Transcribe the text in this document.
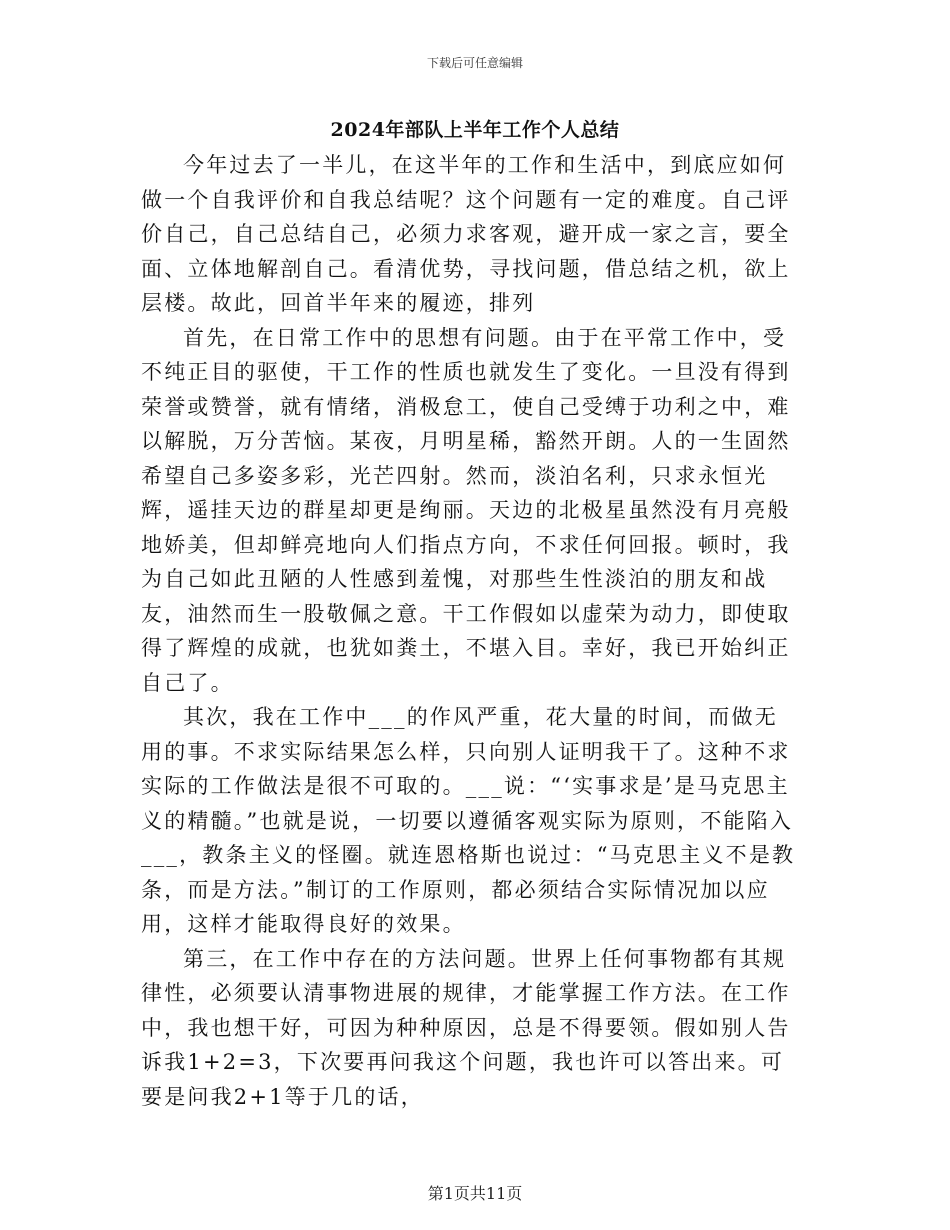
下载后可任意编辑
2024年部队上半年工作个人总结

今年过去了一半儿，在这半年的工作和生活中，到底应如何做一个自我评价和自我总结呢？这个问题有一定的难度。自己评价自己，自己总结自己，必须力求客观，避开成一家之言，要全面、立体地解剖自己。看清优势，寻找问题，借总结之机，欲上层楼。故此，回首半年来的履迹，排列

首先，在日常工作中的思想有问题。由于在平常工作中，受不纯正目的驱使，干工作的性质也就发生了变化。一旦没有得到荣誉或赞誉，就有情绪，消极怠工，使自己受缚于功利之中，难以解脱，万分苦恼。某夜，月明星稀，豁然开朗。人的一生固然希望自己多姿多彩，光芒四射。然而，淡泊名利，只求永恒光辉，遥挂天边的群星却更是绚丽。天边的北极星虽然没有月亮般地娇美，但却鲜亮地向人们指点方向，不求任何回报。顿时，我为自己如此丑陋的人性感到羞愧，对那些生性淡泊的朋友和战友，油然而生一股敬佩之意。干工作假如以虚荣为动力，即使取得了辉煌的成就，也犹如粪土，不堪入目。幸好，我已开始纠正自己了。

其次，我在工作中___的作风严重，花大量的时间，而做无用的事。不求实际结果怎么样，只向别人证明我干了。这种不求实际的工作做法是很不可取的。___说：“‘实事求是’是马克思主义的精髓。”也就是说，一切要以遵循客观实际为原则，不能陷入___，教条主义的怪圈。就连恩格斯也说过：“马克思主义不是教条，而是方法。”制订的工作原则，都必须结合实际情况加以应用，这样才能取得良好的效果。

第三，在工作中存在的方法问题。世界上任何事物都有其规律性，必须要认清事物进展的规律，才能掌握工作方法。在工作中，我也想干好，可因为种种原因，总是不得要领。假如别人告诉我1+2=3，下次要再问我这个问题，我也许可以答出来。可要是问我2+1等于几的话，

第1页共11页
